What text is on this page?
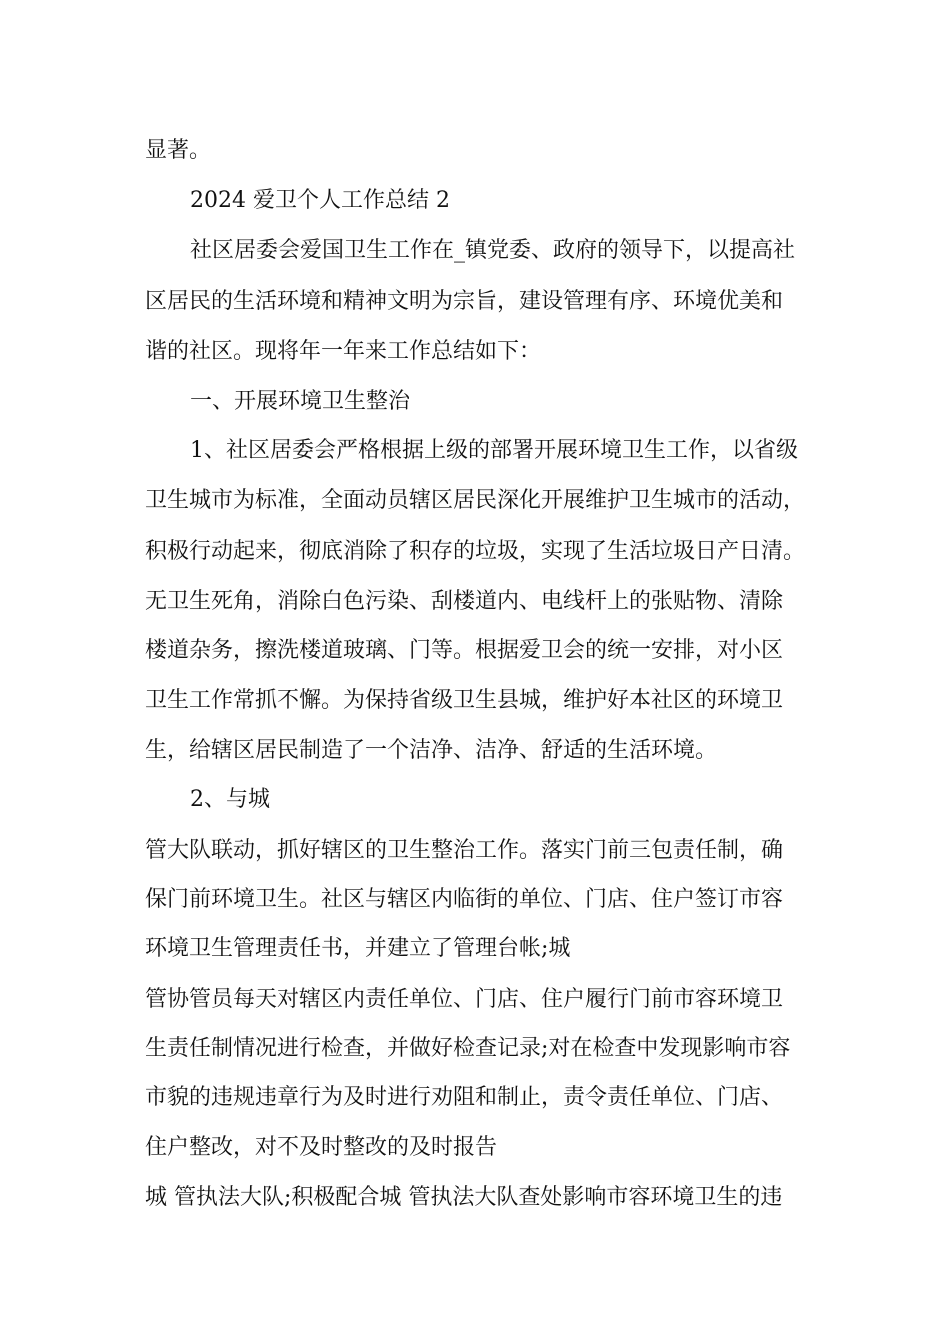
显著。
2024 爱卫个人工作总结 2
社区居委会爱国卫生工作在_镇党委、政府的领导下，以提高社
区居民的生活环境和精神文明为宗旨，建设管理有序、环境优美和
谐的社区。现将年一年来工作总结如下：
一、开展环境卫生整治
1、社区居委会严格根据上级的部署开展环境卫生工作，以省级
卫生城市为标准，全面动员辖区居民深化开展维护卫生城市的活动，
积极行动起来，彻底消除了积存的垃圾，实现了生活垃圾日产日清。
无卫生死角，消除白色污染、刮楼道内、电线杆上的张贴物、清除
楼道杂务，擦洗楼道玻璃、门等。根据爱卫会的统一安排，对小区
卫生工作常抓不懈。为保持省级卫生县城，维护好本社区的环境卫
生，给辖区居民制造了一个洁净、洁净、舒适的生活环境。
2、与城
管大队联动，抓好辖区的卫生整治工作。落实门前三包责任制，确
保门前环境卫生。社区与辖区内临街的单位、门店、住户签订市容
环境卫生管理责任书，并建立了管理台帐;城
管协管员每天对辖区内责任单位、门店、住户履行门前市容环境卫
生责任制情况进行检查，并做好检查记录;对在检查中发现影响市容
市貌的违规违章行为及时进行劝阻和制止，责令责任单位、门店、
住户整改，对不及时整改的及时报告
城 管执法大队;积极配合城 管执法大队查处影响市容环境卫生的违
